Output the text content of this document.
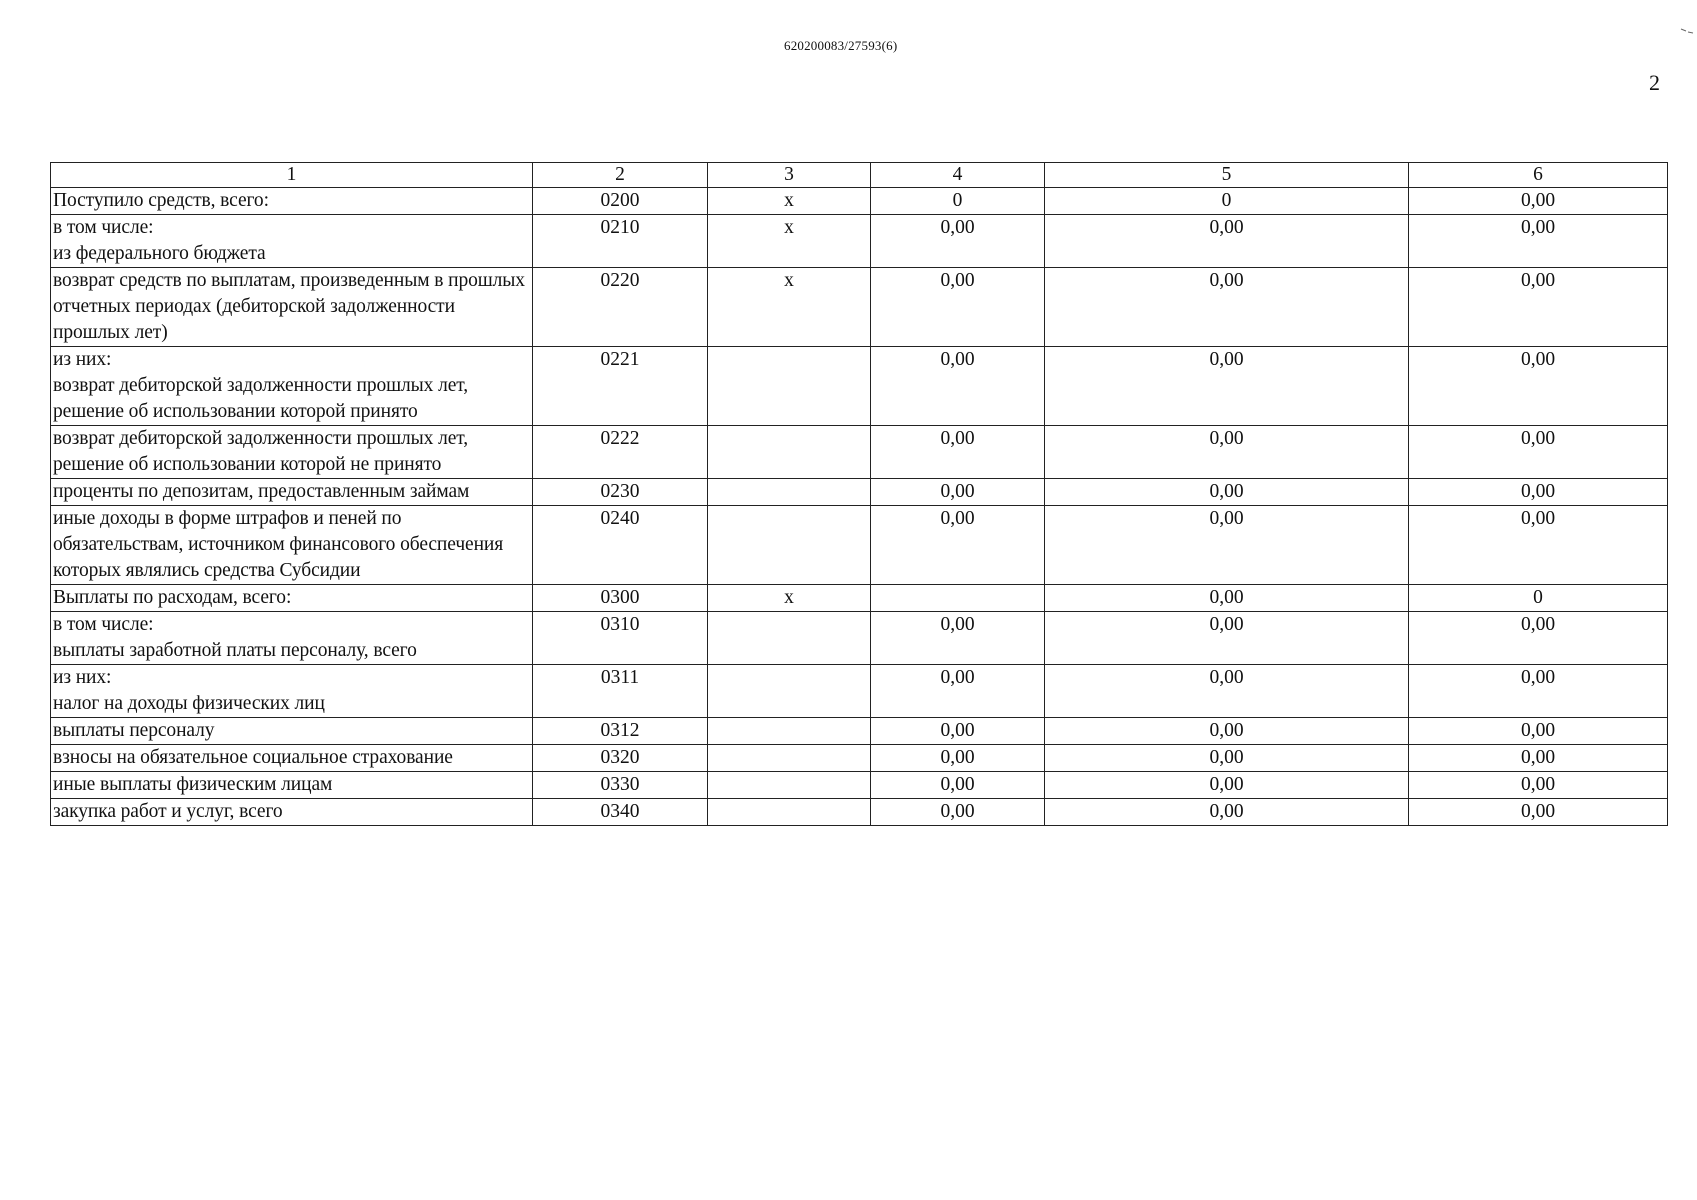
620200083/27593(6)
2
1	2	3	4	5	6
Поступило средств, всего:	0200	x	0	0	0,00
в том числе:
из федерального бюджета	0210	x	0,00	0,00	0,00
возврат средств по выплатам, произведенным в прошлых отчетных периодах (дебиторской задолженности прошлых лет)	0220	x	0,00	0,00	0,00
из них:
возврат дебиторской задолженности прошлых лет, решение об использовании которой принято	0221		0,00	0,00	0,00
возврат дебиторской задолженности прошлых лет, решение об использовании которой не принято	0222		0,00	0,00	0,00
проценты по депозитам, предоставленным займам	0230		0,00	0,00	0,00
иные доходы в форме штрафов и пеней по обязательствам, источником финансового обеспечения которых являлись средства Субсидии	0240		0,00	0,00	0,00
Выплаты по расходам, всего:	0300	x		0,00	0
в том числе:
выплаты заработной платы персоналу, всего	0310		0,00	0,00	0,00
из них:
налог на доходы физических лиц	0311		0,00	0,00	0,00
выплаты персоналу	0312		0,00	0,00	0,00
взносы на обязательное социальное страхование	0320		0,00	0,00	0,00
иные выплаты физическим лицам	0330		0,00	0,00	0,00
закупка работ и услуг, всего	0340		0,00	0,00	0,00
